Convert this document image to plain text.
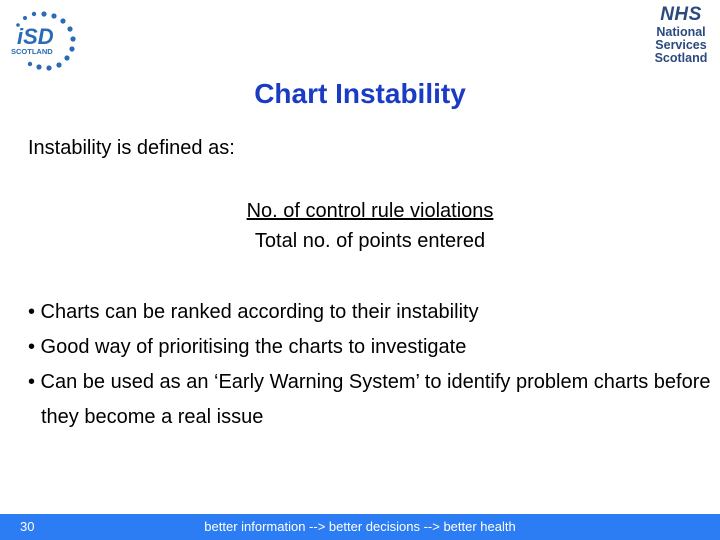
iSD
SCOTLAND
NHS
National
Services
Scotland
Chart Instability
Instability is defined as:
No. of control rule violations
Total no. of points entered
• Charts can be ranked according to their instability
• Good way of prioritising the charts to investigate
• Can be used as an ‘Early Warning System’ to identify problem charts before they become a real issue
30	better information --> better decisions --> better health
